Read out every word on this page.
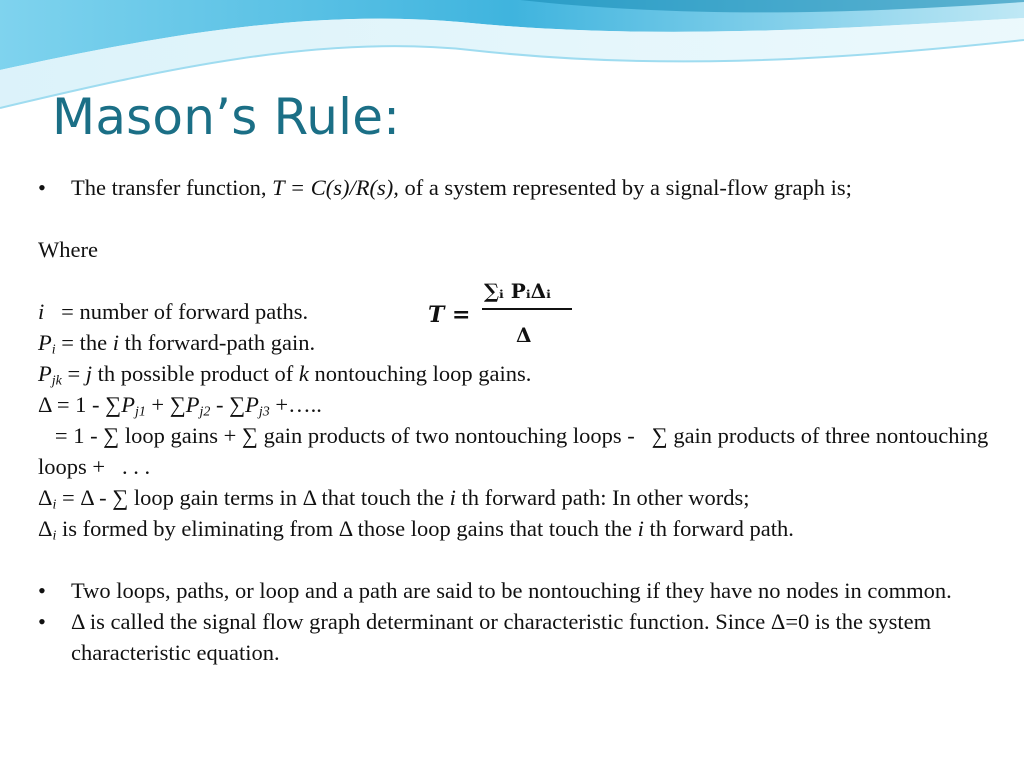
Mason’s Rule:
T =
∑ᵢ PᵢΔᵢ
Δ
• The transfer function, T = C(s)/R(s), of a system represented by a signal-flow graph is;
Where
i   = number of forward paths.
$P_i$ = the i th forward-path gain.
$P_{jk} = j$ th possible product of k nontouching loop gains.
$\Delta = 1 - \sum P_{j1} + \sum P_{j2} - \sum P_{j3}$ +…..
= 1 - ∑ loop gains + ∑ gain products of two nontouching loops -   ∑ gain products of three nontouching loops +   . . .
$\Delta_i = \Delta$ - ∑ loop gain terms in Δ that touch the i th forward path: In other words;
$\Delta_i$ is formed by eliminating from Δ those loop gains that touch the i th forward path.
• Two loops, paths, or loop and a path are said to be nontouching if they have no nodes in common.
• Δ is called the signal flow graph determinant or characteristic function. Since Δ=0 is the system characteristic equation.
